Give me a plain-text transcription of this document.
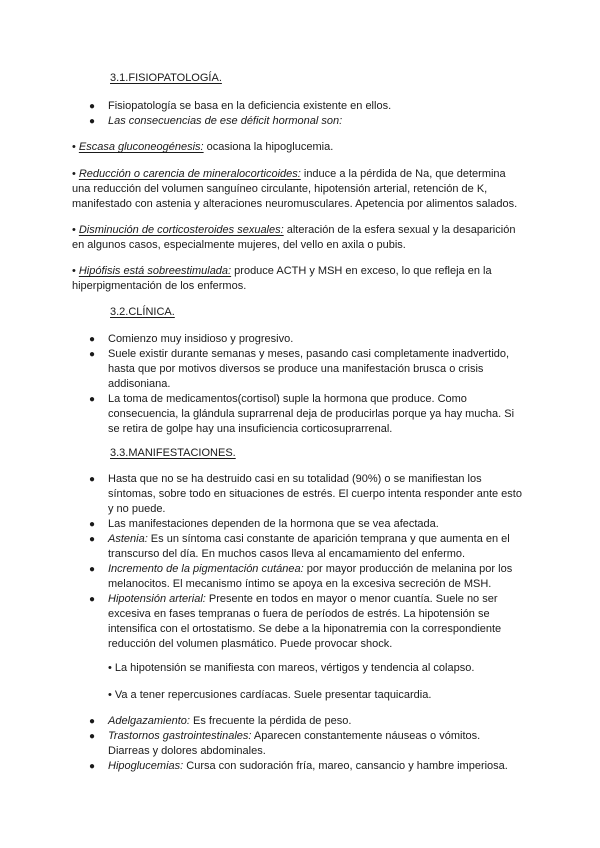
3.1.FISIOPATOLOGÍA.
● Fisiopatología se basa en la deficiencia existente en ellos.
● Las consecuencias de ese déficit hormonal son:
• Escasa gluconeogénesis: ocasiona la hipoglucemia.
• Reducción o carencia de mineralocorticoides: induce a la pérdida de Na, que determina una reducción del volumen sanguíneo circulante, hipotensión arterial, retención de K, manifestado con astenia y alteraciones neuromusculares. Apetencia por alimentos salados.
• Disminución de corticosteroides sexuales: alteración de la esfera sexual y la desaparición en algunos casos, especialmente mujeres, del vello en axila o pubis.
• Hipófisis está sobreestimulada: produce ACTH y MSH en exceso, lo que refleja en la hiperpigmentación de los enfermos.
3.2.CLÍNICA.
● Comienzo muy insidioso y progresivo.
● Suele existir durante semanas y meses, pasando casi completamente inadvertido, hasta que por motivos diversos se produce una manifestación brusca o crisis addisoniana.
● La toma de medicamentos(cortisol) suple la hormona que produce. Como consecuencia, la glándula suprarrenal deja de producirlas porque ya hay mucha. Si se retira de golpe hay una insuficiencia corticosuprarrenal.
3.3.MANIFESTACIONES.
● Hasta que no se ha destruido casi en su totalidad (90%) o se manifiestan los síntomas, sobre todo en situaciones de estrés. El cuerpo intenta responder ante esto y no puede.
● Las manifestaciones dependen de la hormona que se vea afectada.
● Astenia: Es un síntoma casi constante de aparición temprana y que aumenta en el transcurso del día. En muchos casos lleva al encamamiento del enfermo.
● Incremento de la pigmentación cutánea: por mayor producción de melanina por los melanocitos. El mecanismo íntimo se apoya en la excesiva secreción de MSH.
● Hipotensión arterial: Presente en todos en mayor o menor cuantía. Suele no ser excesiva en fases tempranas o fuera de períodos de estrés. La hipotensión se intensifica con el ortostatismo. Se debe a la hiponatremia con la correspondiente reducción del volumen plasmático. Puede provocar shock.
• La hipotensión se manifiesta con mareos, vértigos y tendencia al colapso.
• Va a tener repercusiones cardíacas. Suele presentar taquicardia.
● Adelgazamiento: Es frecuente la pérdida de peso.
● Trastornos gastrointestinales: Aparecen constantemente náuseas o vómitos. Diarreas y dolores abdominales.
● Hipoglucemias: Cursa con sudoración fría, mareo, cansancio y hambre imperiosa.
